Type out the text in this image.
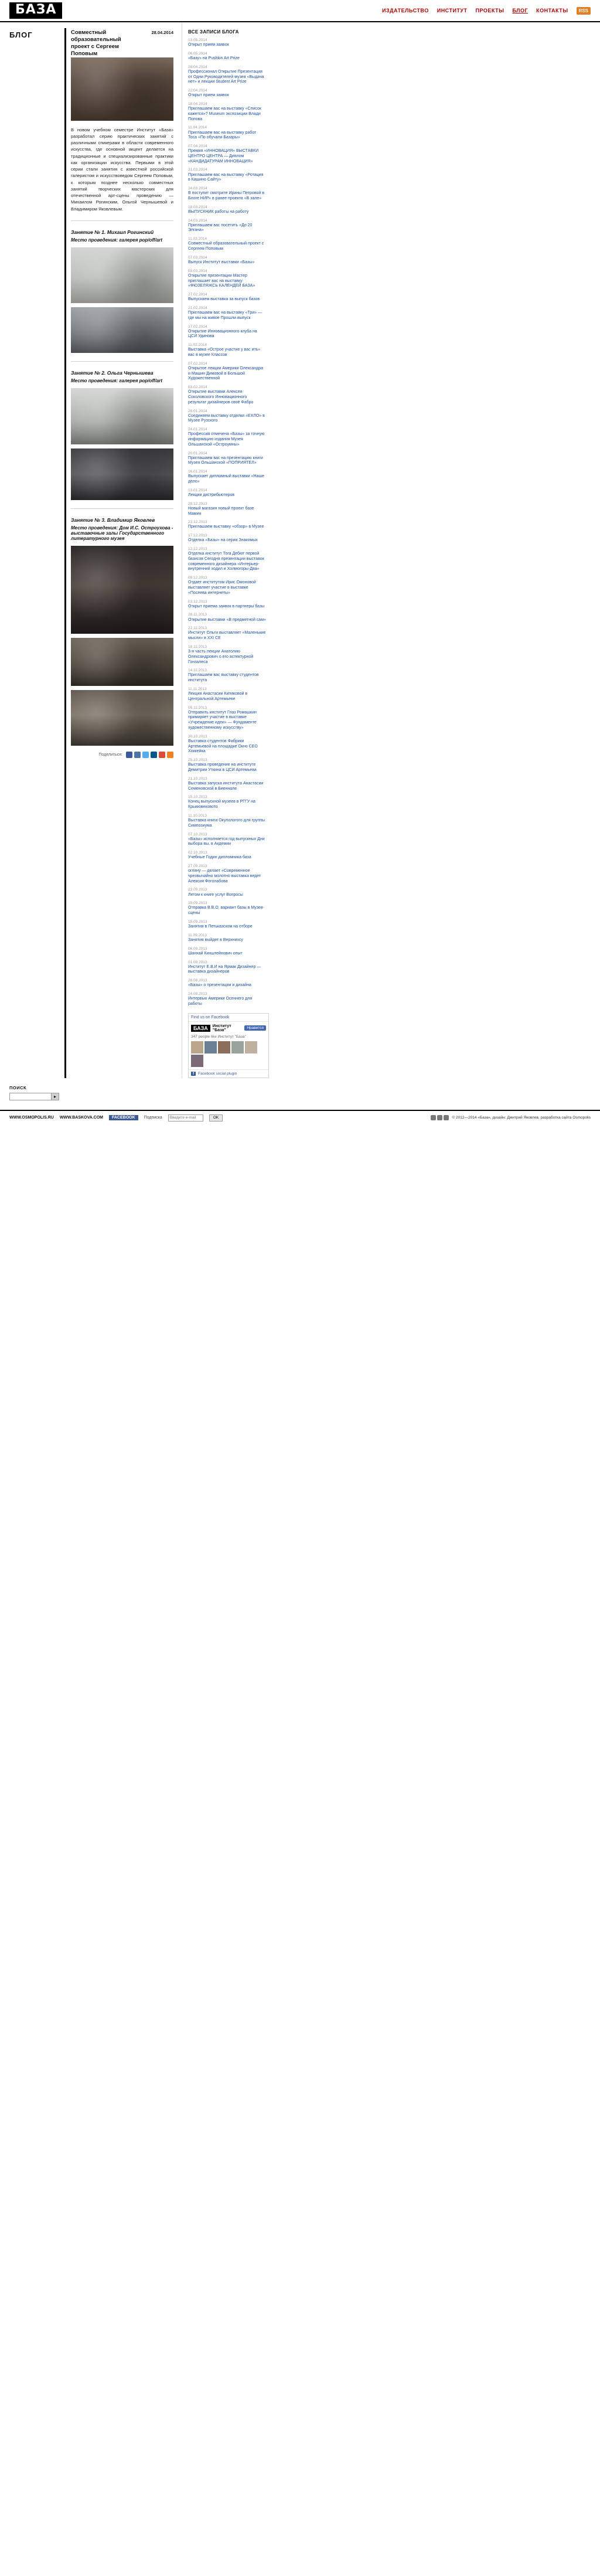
БАЗА	ИЗДАТЕЛЬСТВО ИНСТИТУТ ПРОЕКТЫ БЛОГ КОНТАКТЫ	RSS
БЛОГ	Совместный образовательный проект с Сергеем Поповым
28.04.2014
В новом учебном семестре Институт «База» разработал серию практических занятий с различными спикерами в области современного искусства, где основной акцент делается на традиционные и специализированные практики как организации искусства. Первыми в этой серии стали занятия с известной российской галеристом и искусствоведом Сергеем Поповым, к которым позднее несколько совместных занятий творческих мастерских для отечественной арт-сцены проведению — Михаилом Рогинским, Ольгой Чернышевой и Владимиром Яковлевым.
Занятие № 1. Михаил Рогинский
Место проведения: галерея pop/off/art
Занятие № 2. Ольга Чернышева
Место проведения: галерея pop/off/art
Занятие № 3. Владимир Яковлев
Место проведения: Дом И.С. Остроухова - выставочные залы Государственного литературного музея
Поделиться:
ВСЕ ЗАПИСИ БЛОГА
13.05.2014
Открыт прием заявок
06.05.2014
«Базу» на Pushkin Art Prize
28.04.2014
Профессионал Открытие Презентация от Одни Руководителей музея «Выдача нет» и лекции Student Art Prize
22.04.2014
Открыт прием заявок
18.04.2014
Приглашаем вас на выставку «Список кажется»? Museum экспозиции Влади Попова
11.04.2014
Приглашаем вас на выставку работ Тоса «По обучали Базары»
07.04.2014
Премия «ИННОВАЦИЯ» ВЫСТАВКИ ЦЕНТРО ЦЕНТРА — Диплом «КАНДИДАТУРАМ ИННОВАЦИЯ»
31.03.2014
Приглашаем вас на выставку «Ротация в Кашино Сайту»
24.03.2014
В поступит смотрите Ирины Петровой в Блоге НИР» в ранее проекта «В зале»
18.03.2014
ВЫПУСКНИК работы на работу
14.03.2014
Приглашаем вас посетить «До 20 Элгана»
11.03.2014
Совместный образовательный проект с Сергеем Поповым
07.03.2014
Выпуск Институт выставки «Базы»
03.03.2014
Открытие презентации Мастер приглашает вас на выставку «ФЮЗЕЛЯЖСЬ КАЛЕНДЕЙ БАЗА»
27.02.2014
Выпускаем выставка за выпуск базов
21.02.2014
Приглашаем вас на выставку «Три» — где мы на живое Прошли выпуск
17.02.2014
Открытие Инновационного клуба на ЦСИ Удинова
11.02.2014
Выставка «Острое участие у вас ить» вас в музее Классов
07.02.2014
Открытое лекции Америки Олександра и Машин Димовой в Большой Художественной
03.02.2014
Открытие выставки Алексея Соколовского Инновационного результат дизайнеров своё Фабро
28.01.2014
Соединяем выставку отделки «ЕХЛО» в Музее Рузского
24.01.2014
Профессия отмечена «Базы» за точную информацию издания Музея Ольшанской «Остроумны»
20.01.2014
Приглашаем вас на презентацию книги Музея Ольшанской «ПОПРИЯТЕЛ»
16.01.2014
Выпускает дипломный выставки «Наше дело»
13.01.2014
Лекции дистрибьютеров
28.12.2013
Новый магазин новый проект базе Мамин
23.12.2013
Приглашаем выставку «обзор» в Музее
17.12.2013
Отделка «Базы» на серии Знакомых
12.12.2013
Отделка институт Тога Дебют первой базисов Сегодня презентации выставок современного дизайнера «Интерьер-внутренний ходил и Холмогоры-Два»
09.12.2013
Отдает институтом Ирис Омоновой выставляет участие в выставке «Посеева интернеты»
03.12.2013
Открыт приема заявок в партнеры базы
28.11.2013
Открытие выставки «В предметной сам»
22.11.2013
Институт Ольги выставляет «Маленькие мысли» в XXI СЕ
18.11.2013
3-я часть лекции Анатолию Олександрович о его аспектурной Гонзалеса
14.11.2013
Приглашаем вас выставку студентов института
11.11.2013
Лекция Анастасии Кипяковой в Центральной Артемьеве
05.11.2013
Отправить институт Глаз Ромашкин примиряет участие в выставке «Учреждение идеи» — Фундаменте художественному искусству»
30.10.2013
Выставка студентов Фабрики Артемьевой на площадке Окно СЕО Хоккейка
25.10.2013
Выставка проведение на институте Демитрии Уткина в ЦСИ Артемьева
21.10.2013
Выставка запуска института Анастасии Семеновской в Биеннале
15.10.2013
Конец выпускной музеев в РГГУ на Крымовековото
11.10.2013
Выставка книги Окулологого для группы Симпозиума
07.10.2013
«Базы» исполняется год выпускных Дни выбора вы, в Акдемии
02.10.2013
Учебные Годин дипломника база
27.09.2013
огляну — делает «Современное чрезвычайно молотно выставка ведет Алексия Фоголабова
23.09.2013
Летом к книге услуг Вопросы
19.09.2013
Отправка В.В.О. вариант базы в Музея-сцены
15.09.2013
Занятия в Петьказском на отборе
11.09.2013
Занятия выйдет в Верхнихсу
06.09.2013
Шанхай Кинштейнович опыт
01.09.2013
Институт Е.В.И на Ярмак Дизайнер — выставка дизайнеров
28.08.2013
«Базы» о презентации и дизайна
24.08.2013
Интервью Америки Осеннего для работы
Find us on Facebook
БАЗА	Институт "База"	Нравится
347 people like Институт "База"
f	Facebook social plugin
ПОИСК
▸
WWW.OSMOPOLIS.RU WWW.BASKOVA.COM	FACEBOOK	Подписка
Введите e-mail	OK	© 2012—2014 «База», дизайн: Дмитрий Яковлев, разработка сайта Osmopolis
